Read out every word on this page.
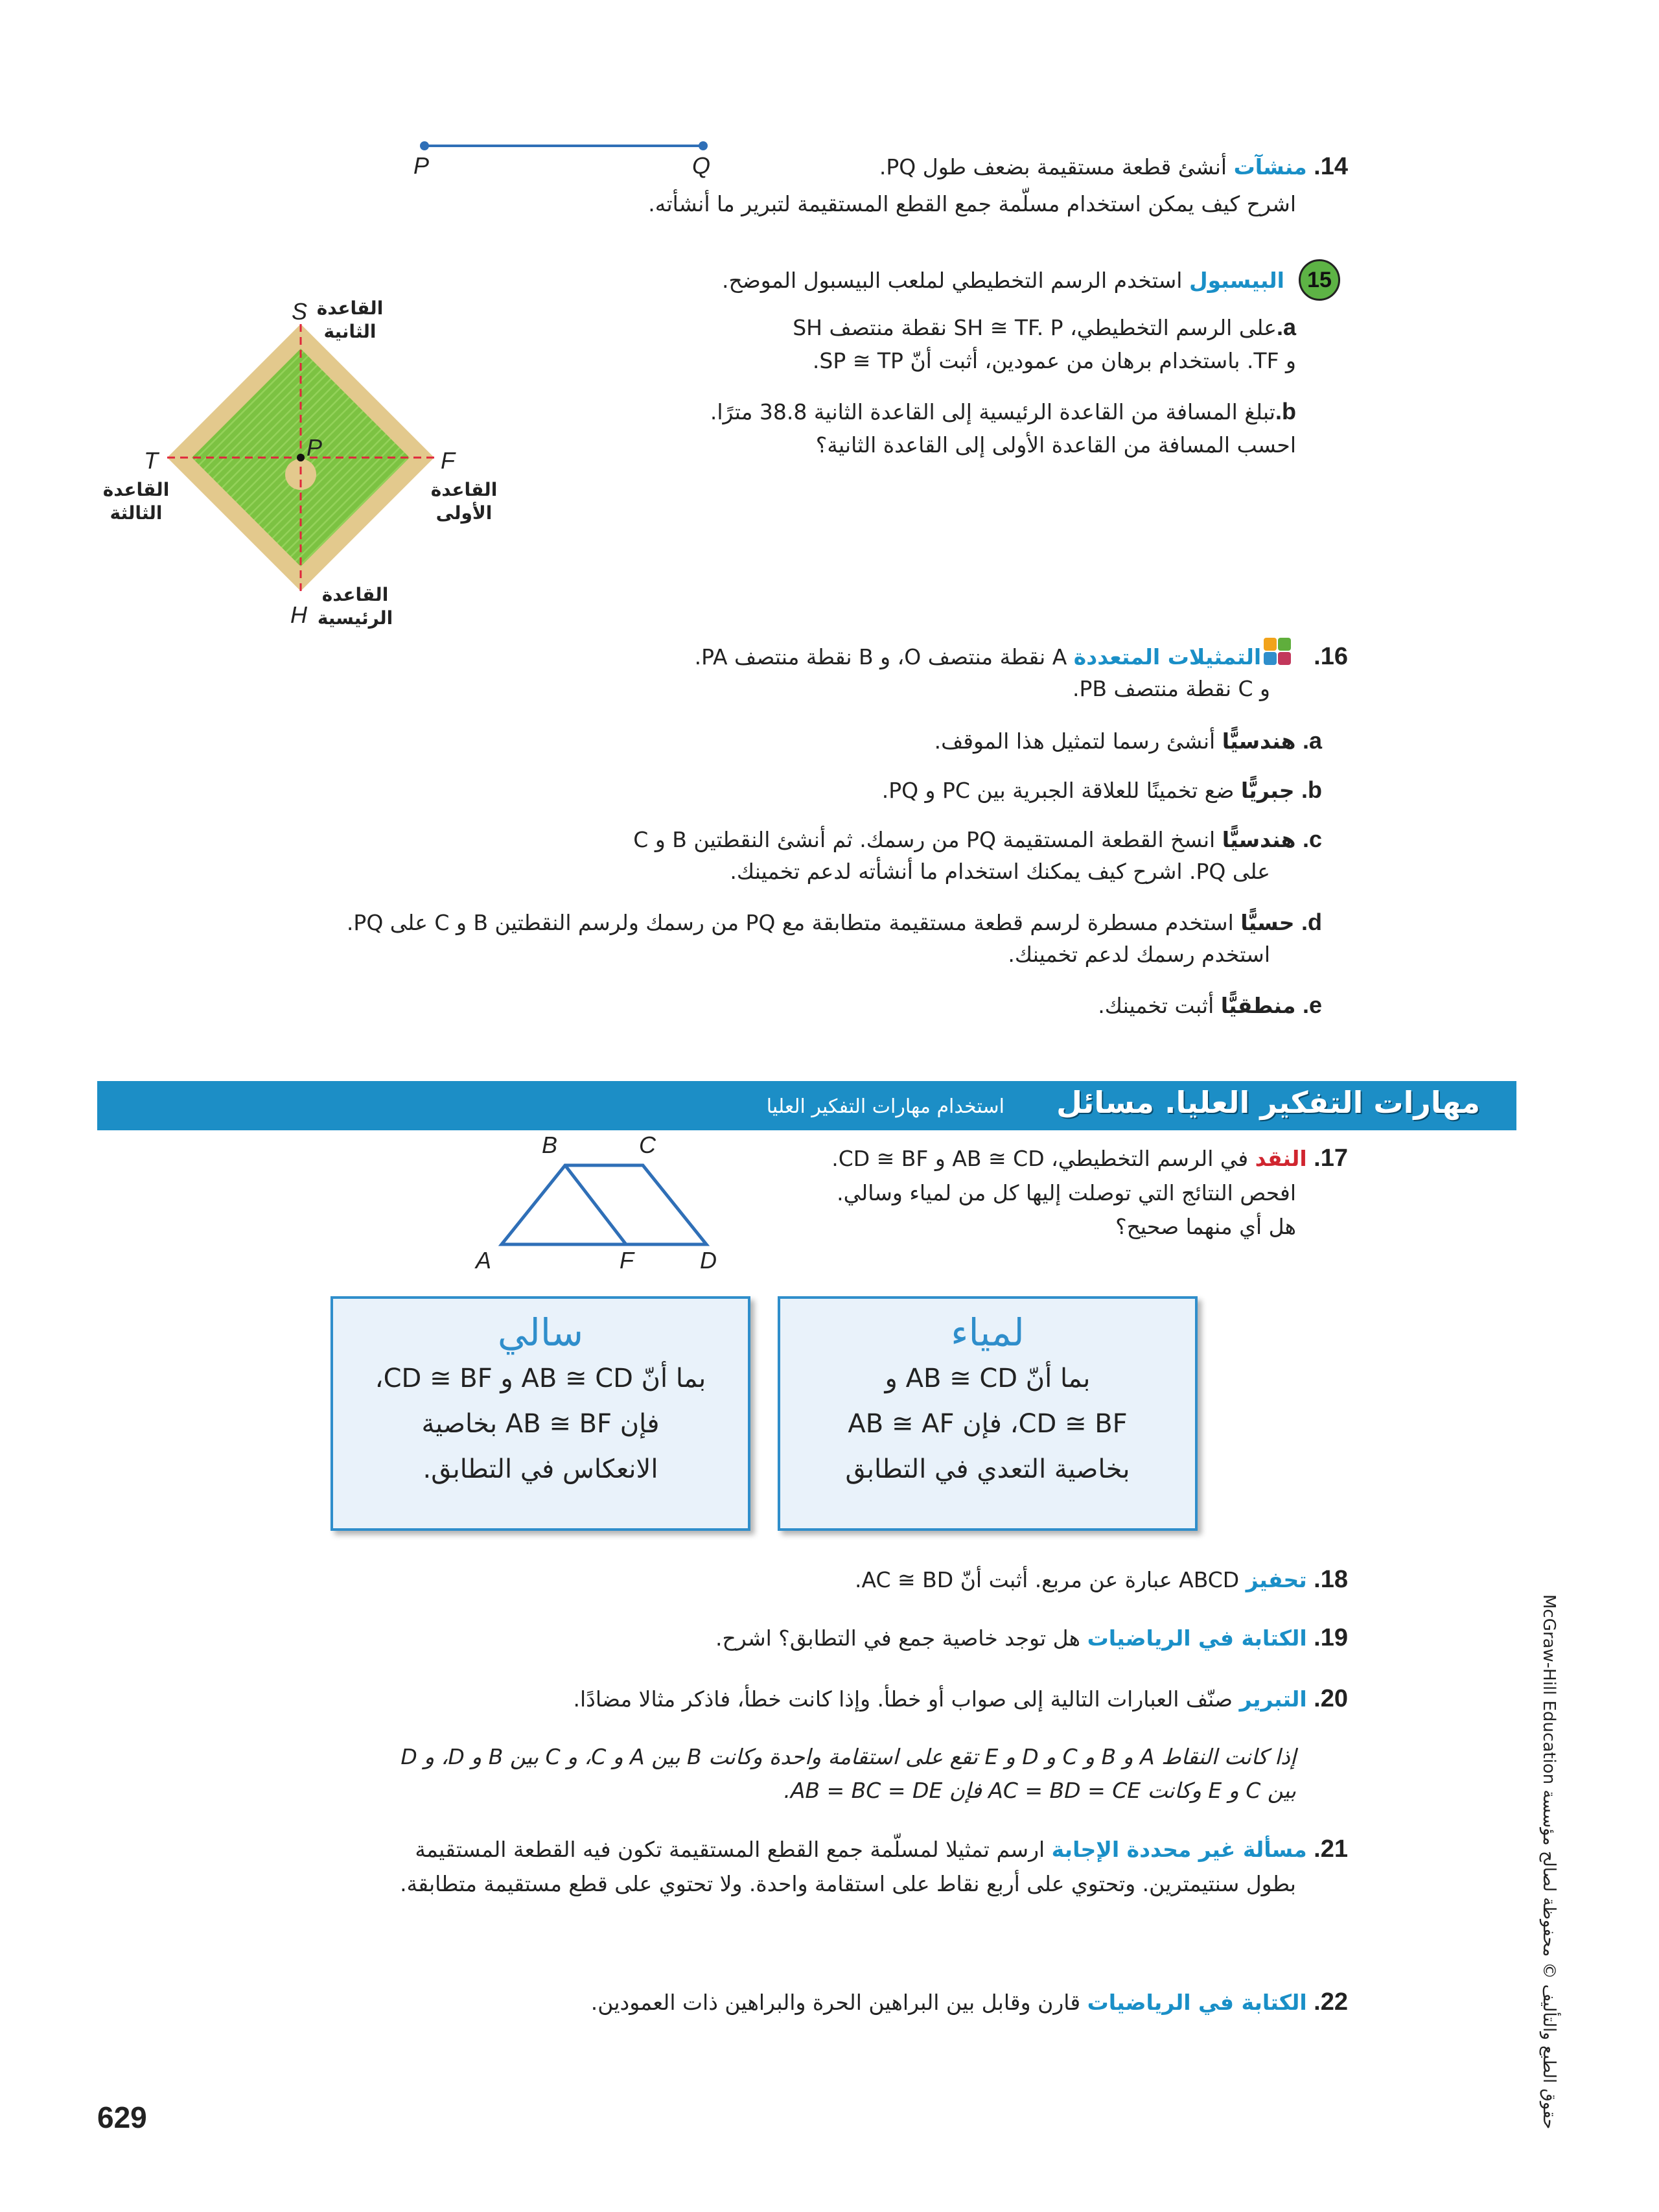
P	Q	14. منشآت أنشئ قطعة مستقيمة بضعف طول PQ.
اشرح كيف يمكن استخدام مسلّمة جمع القطع المستقيمة لتبرير ما أنشأته.
15
البيسبول استخدم الرسم التخطيطي لملعب البيسبول الموضح.
a.على الرسم التخطيطي، SH ≅ TF. P نقطة منتصف SH
و TF. باستخدام برهان من عمودين، أثبت أنّ SP ≅ TP.
b.تبلغ المسافة من القاعدة الرئيسية إلى القاعدة الثانية 38.8 مترًا.
احسب المسافة من القاعدة الأولى إلى القاعدة الثانية؟
S
T	F
H
P
القاعدة
الثانية
القاعدة
الثالثة
القاعدة
الأولى
القاعدة
الرئيسية
16.  التمثيلات المتعددة A نقطة منتصف O، و B نقطة منتصف PA.
و C نقطة منتصف PB.
a. هندسيًّا أنشئ رسما لتمثيل هذا الموقف.
b. جبريًّا ضع تخمينًا للعلاقة الجبرية بين PC و PQ.
c. هندسيًّا انسخ القطعة المستقيمة PQ من رسمك. ثم أنشئ النقطتين B و C
على PQ. اشرح كيف يمكنك استخدام ما أنشأته لدعم تخمينك.
d. حسيًّا استخدم مسطرة لرسم قطعة مستقيمة متطابقة مع PQ من رسمك ولرسم النقطتين B و C على PQ.
استخدم رسمك لدعم تخمينك.
e. منطقيًّا أثبت تخمينك.
مهارات التفكير العليا. مسائل
استخدام مهارات التفكير العليا
17. النقد في الرسم التخطيطي، AB ≅ CD و CD ≅ BF.
افحص النتائج التي توصلت إليها كل من لمياء وسالي.
هل أي منهما صحيح؟
B	C
A	F	D
لمياء
بما أنّ AB ≅ CD و
CD ≅ BF، فإن AB ≅ AF
بخاصية التعدي في التطابق
سالي
بما أنّ AB ≅ CD و CD ≅ BF،
فإن AB ≅ BF بخاصية
الانعكاس في التطابق.
18. تحفيز ABCD عبارة عن مربع. أثبت أنّ AC ≅ BD.
19. الكتابة في الرياضيات هل توجد خاصية جمع في التطابق؟ اشرح.
20. التبرير صنّف العبارات التالية إلى صواب أو خطأ. وإذا كانت خطأ، فاذكر مثالا مضادًا.
إذا كانت النقاط A و B و C و D و E تقع على استقامة واحدة وكانت B بين A و C، و C بين B و D، و D
بين C و E وكانت AC = BD = CE فإن AB = BC = DE.
21. مسألة غير محددة الإجابة ارسم تمثيلا لمسلّمة جمع القطع المستقيمة تكون فيه القطعة المستقيمة
بطول سنتيمترين. وتحتوي على أربع نقاط على استقامة واحدة. ولا تحتوي على قطع مستقيمة متطابقة.
22. الكتابة في الرياضيات قارن وقابل بين البراهين الحرة والبراهين ذات العمودين.
629
McGraw-Hill Education حقوق الطبع والتأليف © محفوظة لصالح مؤسسة
